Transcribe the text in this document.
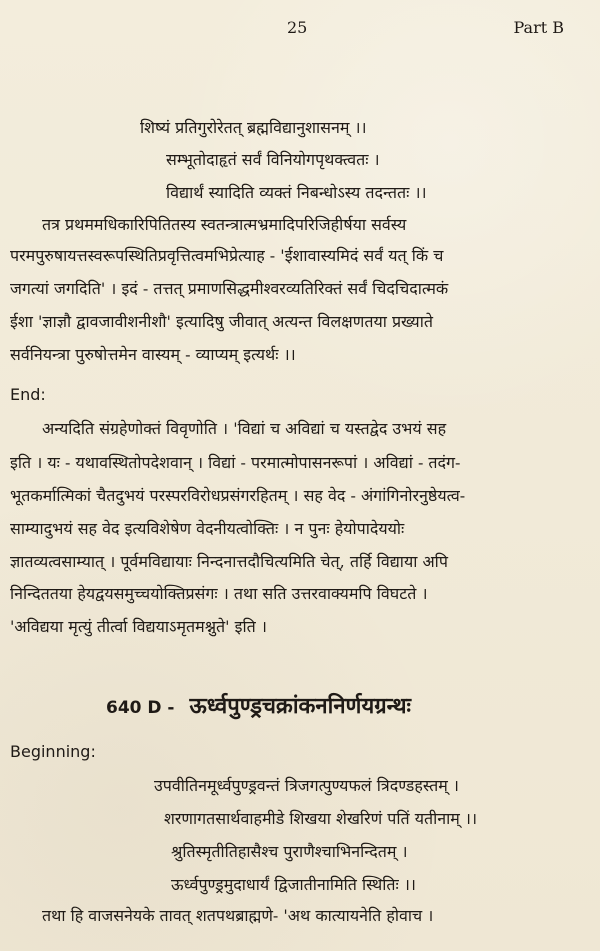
25	Part B
शिष्यं प्रतिगुरोरेतत् ब्रह्मविद्यानुशासनम् ।।
सम्भूतोदाहृतं सर्वं विनियोगपृथक्त्वतः ।
विद्यार्थं स्यादिति व्यक्तं निबन्धोऽस्य तदन्ततः ।।
तत्र प्रथममधिकारिपितितस्य स्वतन्त्रात्मभ्रमादिपरिजिहीर्षया सर्वस्य
परमपुरुषायत्तस्वरूपस्थितिप्रवृत्तित्वमभिप्रेत्याह - 'ईशावास्यमिदं सर्वं यत् किं च
जगत्यां जगदिति' । इदं - तत्तत् प्रमाणसिद्धमीश्वरव्यतिरिक्तं सर्वं चिदचिदात्मकं
ईशा 'ज्ञाज्ञौ द्वावजावीशनीशौ' इत्यादिषु जीवात् अत्यन्त विलक्षणतया प्रख्याते
सर्वनियन्त्रा पुरुषोत्तमेन वास्यम् - व्याप्यम् इत्यर्थः ।।
End:
अन्यदिति संग्रहेणोक्तं विवृणोति । 'विद्यां च अविद्यां च यस्तद्वेद उभयं सह
इति । यः - यथावस्थितोपदेशवान् । विद्यां - परमात्मोपासनरूपां । अविद्यां - तदंग-
भूतकर्मात्मिकां चैतदुभयं परस्परविरोधप्रसंगरहितम् । सह वेद - अंगांगिनोरनुष्ठेयत्व-
साम्यादुभयं सह वेद इत्यविशेषेण वेदनीयत्वोक्तिः । न पुनः हेयोपादेययोः
ज्ञातव्यत्वसाम्यात् । पूर्वमविद्यायाः निन्दनात्तदौचित्यमिति चेत्, तर्हि विद्याया अपि
निन्दिततया हेयद्वयसमुच्चयोक्तिप्रसंगः । तथा सति उत्तरवाक्यमपि विघटते ।
'अविद्यया मृत्युं तीर्त्वा विद्ययाऽमृतमश्नुते' इति ।
640 D - ऊर्ध्वपुण्ड्रचक्रांकननिर्णयग्रन्थः
Beginning:
उपवीतिनमूर्ध्वपुण्ड्रवन्तं त्रिजगत्पुण्यफलं त्रिदण्डहस्तम् ।
शरणागतसार्थवाहमीडे शिखया शेखरिणं पतिं यतीनाम् ।।
श्रुतिस्मृतीतिहासैश्च पुराणैश्चाभिनन्दितम् ।
ऊर्ध्वपुण्ड्रमुदाधार्यं द्विजातीनामिति स्थितिः ।।
तथा हि वाजसनेयके तावत् शतपथब्राह्मणे- 'अथ कात्यायनेति होवाच ।
